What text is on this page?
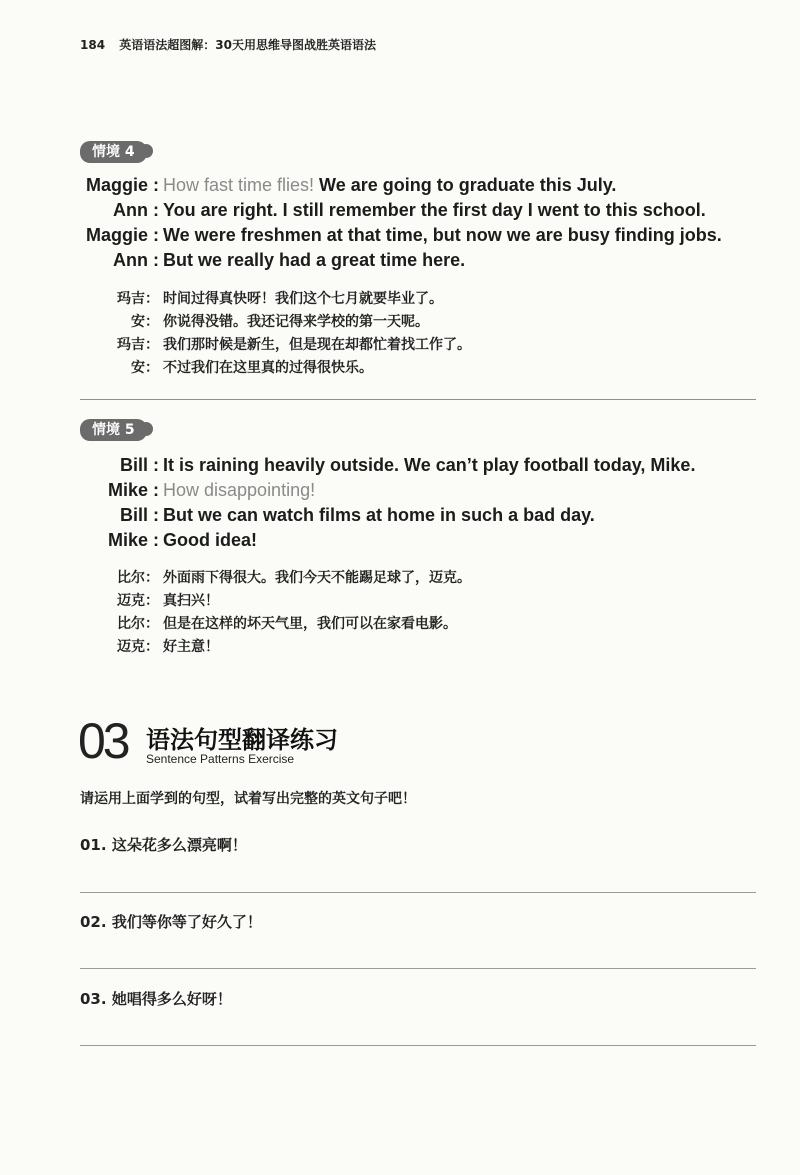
184 英语语法超图解：30天用思维导图战胜英语语法
情境 4
Maggie : How fast time flies! We are going to graduate this July.
Ann : You are right. I still remember the first day I went to this school.
Maggie : We were freshmen at that time, but now we are busy finding jobs.
Ann : But we really had a great time here.
玛吉： 时间过得真快呀！我们这个七月就要毕业了。
安： 你说得没错。我还记得来学校的第一天呢。
玛吉： 我们那时候是新生，但是现在却都忙着找工作了。
安： 不过我们在这里真的过得很快乐。
情境 5
Bill : It is raining heavily outside. We can’t play football today, Mike.
Mike : How disappointing!
Bill : But we can watch films at home in such a bad day.
Mike : Good idea!
比尔： 外面雨下得很大。我们今天不能踢足球了，迈克。
迈克： 真扫兴！
比尔： 但是在这样的坏天气里，我们可以在家看电影。
迈克： 好主意！
03 语法句型翻译练习
Sentence Patterns Exercise
请运用上面学到的句型，试着写出完整的英文句子吧！
01. 这朵花多么漂亮啊！
02. 我们等你等了好久了！
03. 她唱得多么好呀！
